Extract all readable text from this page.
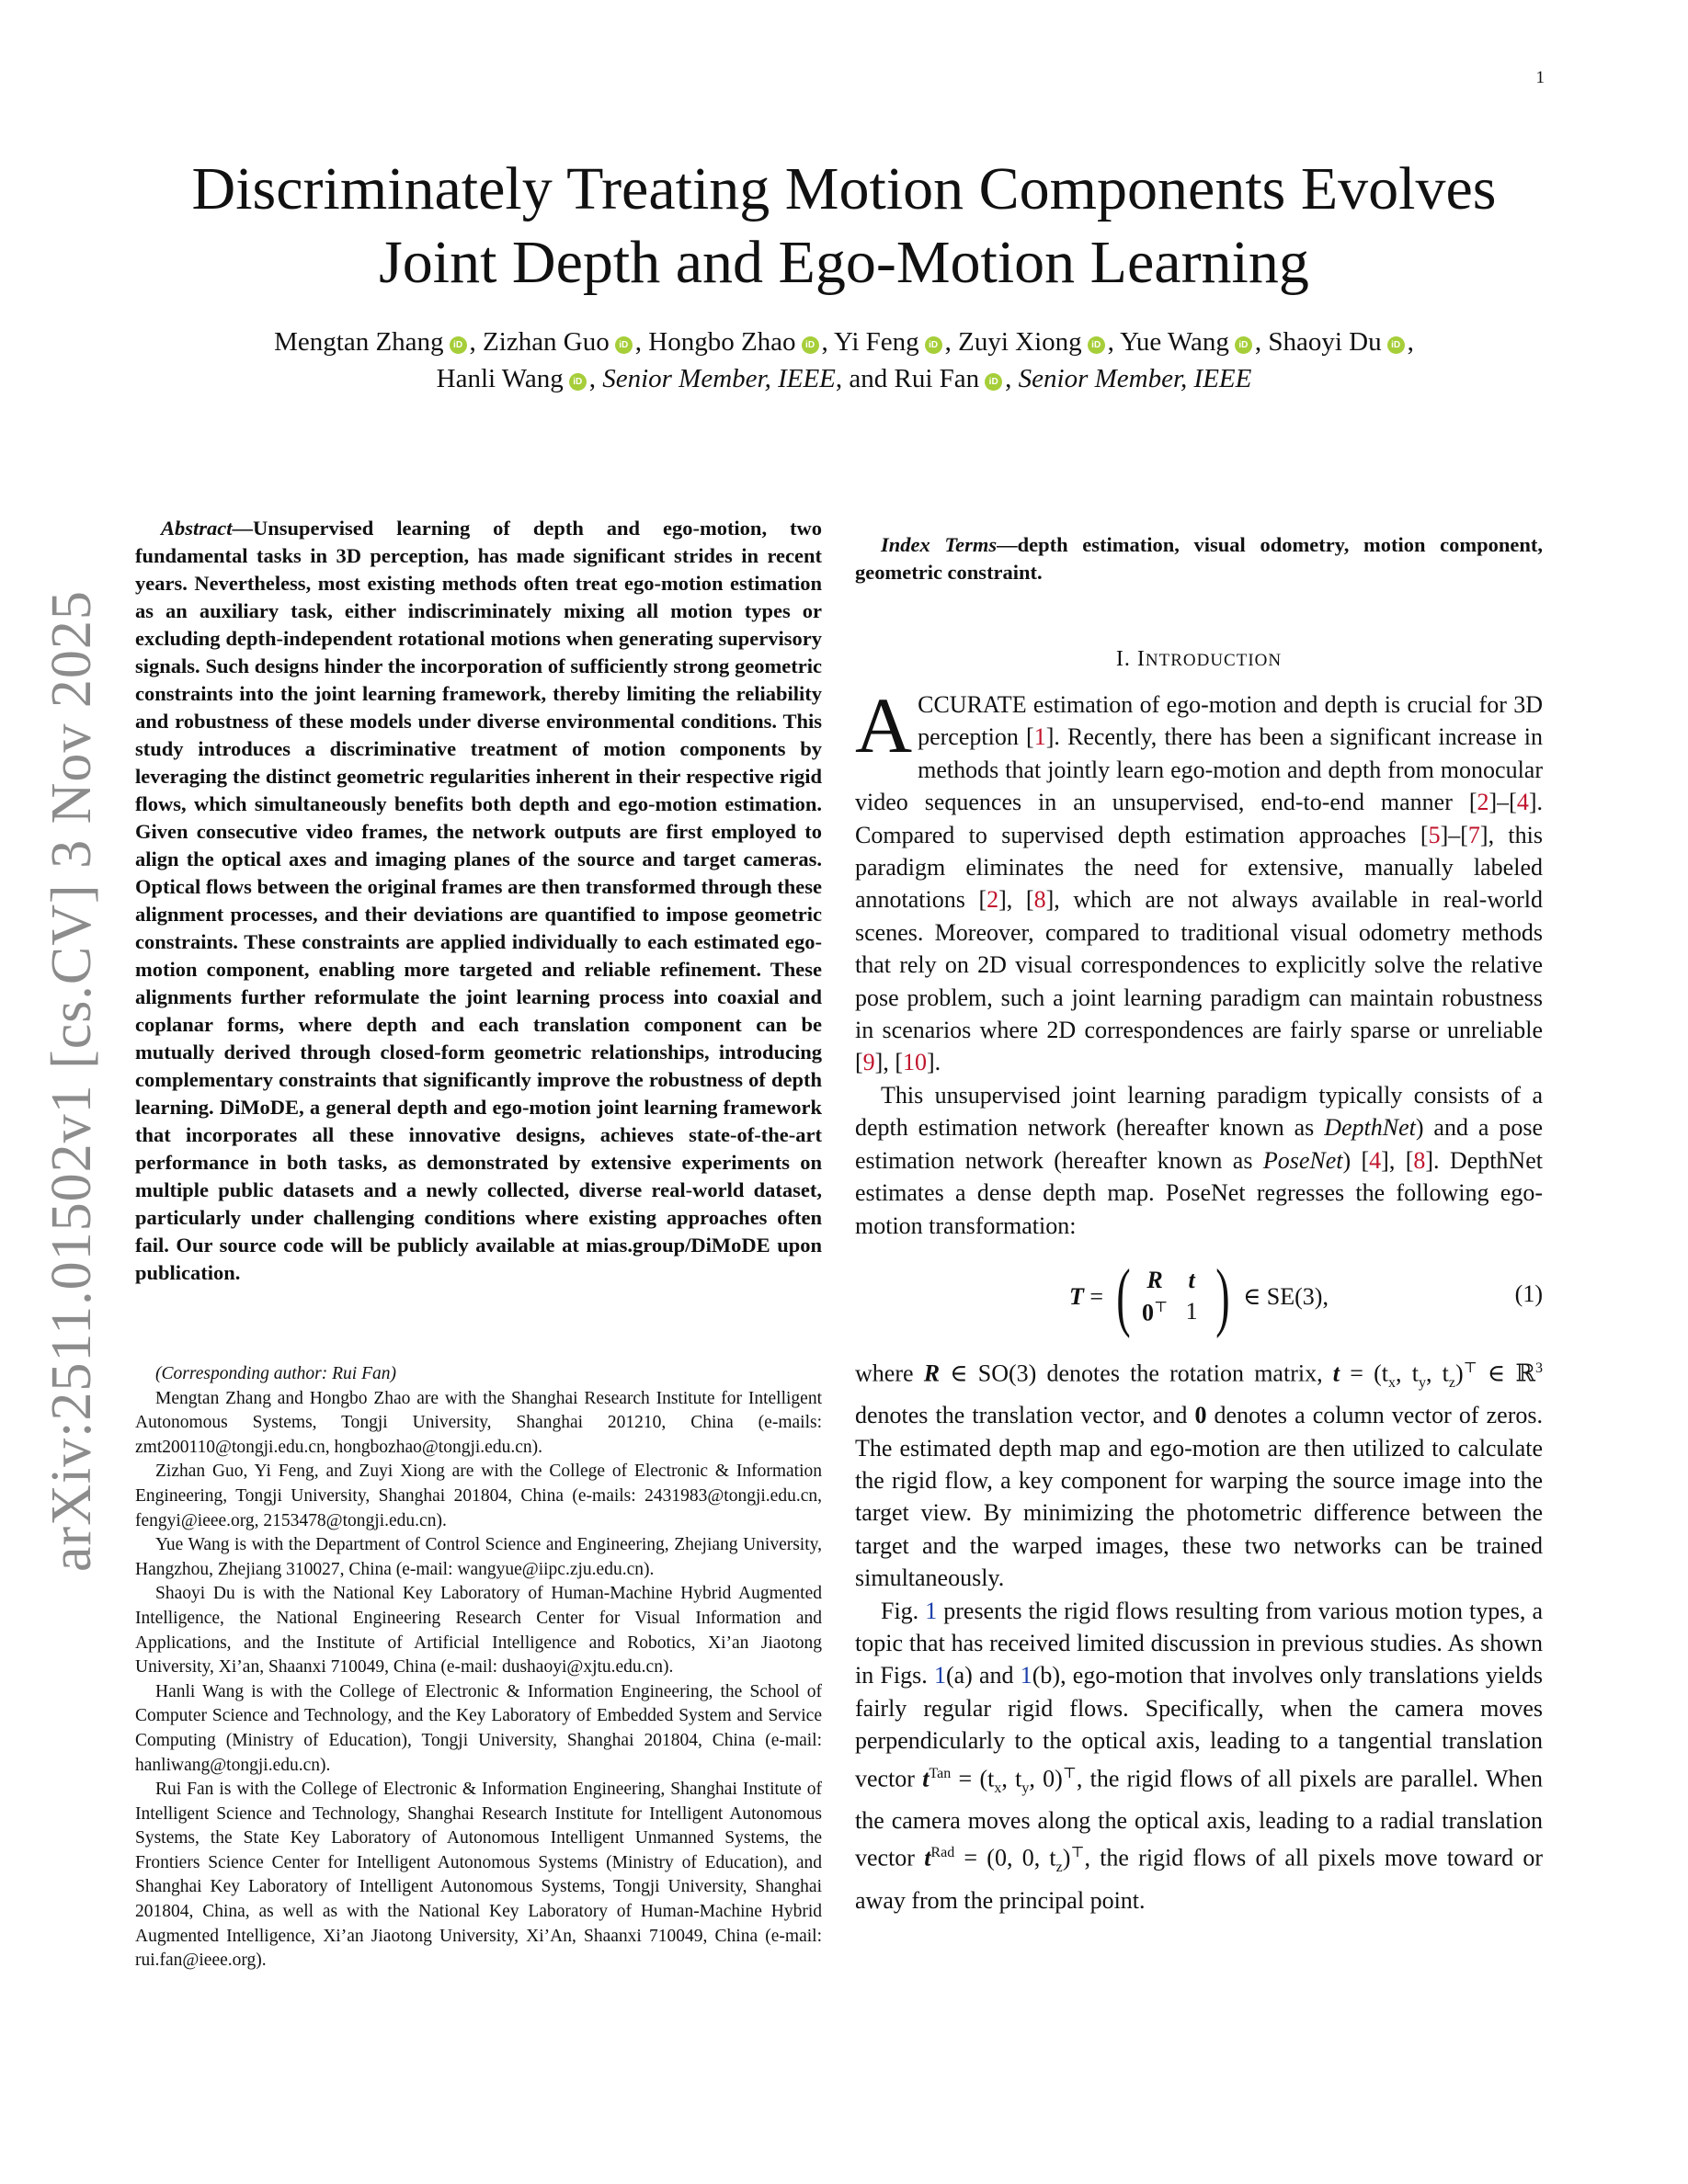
1
arXiv:2511.01502v1 [cs.CV] 3 Nov 2025
Discriminately Treating Motion Components Evolves Joint Depth and Ego-Motion Learning
Mengtan Zhang iD , Zizhan Guo iD , Hongbo Zhao iD , Yi Feng iD , Zuyi Xiong iD , Yue Wang iD , Shaoyi Du iD ,
Hanli Wang iD , Senior Member, IEEE, and Rui Fan iD , Senior Member, IEEE

Abstract—Unsupervised learning of depth and ego-motion, two fundamental tasks in 3D perception, has made significant strides in recent years. Nevertheless, most existing methods often treat ego-motion estimation as an auxiliary task, either indiscriminately mixing all motion types or excluding depth-independent rotational motions when generating supervisory signals. Such designs hinder the incorporation of sufficiently strong geometric constraints into the joint learning framework, thereby limiting the reliability and robustness of these models under diverse environmental conditions. This study introduces a discriminative treatment of motion components by leveraging the distinct geometric regularities inherent in their respective rigid flows, which simultaneously benefits both depth and ego-motion estimation. Given consecutive video frames, the network outputs are first employed to align the optical axes and imaging planes of the source and target cameras. Optical flows between the original frames are then transformed through these alignment processes, and their deviations are quantified to impose geometric constraints. These constraints are applied individually to each estimated ego-motion component, enabling more targeted and reliable refinement. These alignments further reformulate the joint learning process into coaxial and coplanar forms, where depth and each translation component can be mutually derived through closed-form geometric relationships, introducing complementary constraints that significantly improve the robustness of depth learning. DiMoDE, a general depth and ego-motion joint learning framework that incorporates all these innovative designs, achieves state-of-the-art performance in both tasks, as demonstrated by extensive experiments on multiple public datasets and a newly collected, diverse real-world dataset, particularly under challenging conditions where existing approaches often fail. Our source code will be publicly available at mias.group/DiMoDE upon publication.

(Corresponding author: Rui Fan)

Mengtan Zhang and Hongbo Zhao are with the Shanghai Research Institute for Intelligent Autonomous Systems, Tongji University, Shanghai 201210, China (e-mails: zmt200110@tongji.edu.cn, hongbozhao@tongji.edu.cn).

Zizhan Guo, Yi Feng, and Zuyi Xiong are with the College of Electronic & Information Engineering, Tongji University, Shanghai 201804, China (e-mails: 2431983@tongji.edu.cn, fengyi@ieee.org, 2153478@tongji.edu.cn).

Yue Wang is with the Department of Control Science and Engineering, Zhejiang University, Hangzhou, Zhejiang 310027, China (e-mail: wangyue@iipc.zju.edu.cn).

Shaoyi Du is with the National Key Laboratory of Human-Machine Hybrid Augmented Intelligence, the National Engineering Research Center for Visual Information and Applications, and the Institute of Artificial Intelligence and Robotics, Xi’an Jiaotong University, Xi’an, Shaanxi 710049, China (e-mail: dushaoyi@xjtu.edu.cn).

Hanli Wang is with the College of Electronic & Information Engineering, the School of Computer Science and Technology, and the Key Laboratory of Embedded System and Service Computing (Ministry of Education), Tongji University, Shanghai 201804, China (e-mail: hanliwang@tongji.edu.cn).

Rui Fan is with the College of Electronic & Information Engineering, Shanghai Institute of Intelligent Science and Technology, Shanghai Research Institute for Intelligent Autonomous Systems, the State Key Laboratory of Autonomous Intelligent Unmanned Systems, the Frontiers Science Center for Intelligent Autonomous Systems (Ministry of Education), and Shanghai Key Laboratory of Intelligent Autonomous Systems, Tongji University, Shanghai 201804, China, as well as with the National Key Laboratory of Human-Machine Hybrid Augmented Intelligence, Xi’an Jiaotong University, Xi’An, Shaanxi 710049, China (e-mail: rui.fan@ieee.org).

Index Terms—depth estimation, visual odometry, motion component, geometric constraint.

I. INTRODUCTION

ACCURATE estimation of ego-motion and depth is crucial for 3D perception [1]. Recently, there has been a significant increase in methods that jointly learn ego-motion and depth from monocular video sequences in an unsupervised, end-to-end manner [2]–[4]. Compared to supervised depth estimation approaches [5]–[7], this paradigm eliminates the need for extensive, manually labeled annotations [2], [8], which are not always available in real-world scenes. Moreover, compared to traditional visual odometry methods that rely on 2D visual correspondences to explicitly solve the relative pose problem, such a joint learning paradigm can maintain robustness in scenarios where 2D correspondences are fairly sparse or unreliable [9], [10].

This unsupervised joint learning paradigm typically consists of a depth estimation network (hereafter known as DepthNet) and a pose estimation network (hereafter known as PoseNet) [4], [8]. DepthNet estimates a dense depth map. PoseNet regresses the following ego-motion transformation:

T
= ( R	t
0⊤ 1 ) ∈ SE(3),	(1)

where R ∈ SO(3) denotes the rotation matrix, $t = (t_x$, $t_y$, $t_z)^⊤$ ∈ ℝ$^3$ denotes the translation vector, and 0 denotes a column vector of zeros. The estimated depth map and ego-motion are then utilized to calculate the rigid flow, a key component for warping the source image into the target view. By minimizing the photometric difference between the target and the warped images, these two networks can be trained simultaneously.

Fig. 1 presents the rigid flows resulting from various motion types, a topic that has received limited discussion in previous studies. As shown in Figs. 1(a) and 1(b), ego-motion that involves only translations yields fairly regular rigid flows. Specifically, when the camera moves perpendicularly to the optical axis, leading to a tangential translation vector $t^{Tan} = (t_x$, $t_y$, 0)⊤, the rigid flows of all pixels are parallel. When the camera moves along the optical axis, leading to a radial translation vector $t^{Rad} = (0$, 0, $t_z)^⊤$, the rigid flows of all pixels move toward or away from the principal point.
